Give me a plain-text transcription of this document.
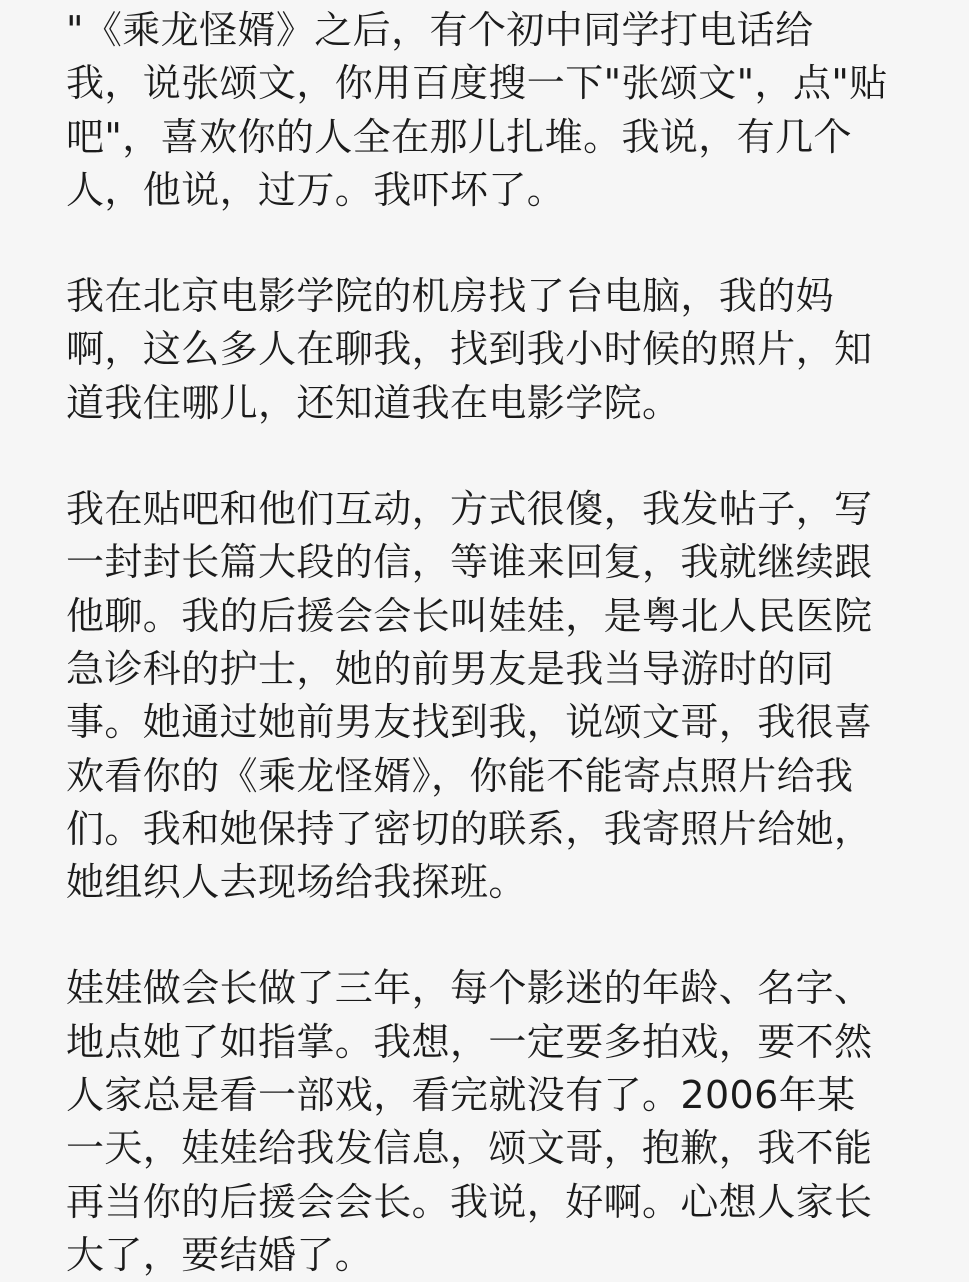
"《乘龙怪婿》之后，有个初中同学打电话给
我，说张颂文，你用百度搜一下"张颂文"，点"贴
吧"，喜欢你的人全在那儿扎堆。我说，有几个
人，他说，过万。我吓坏了。

我在北京电影学院的机房找了台电脑，我的妈
啊，这么多人在聊我，找到我小时候的照片，知
道我住哪儿，还知道我在电影学院。

我在贴吧和他们互动，方式很傻，我发帖子，写
一封封长篇大段的信，等谁来回复，我就继续跟
他聊。我的后援会会长叫娃娃，是粤北人民医院
急诊科的护士，她的前男友是我当导游时的同
事。她通过她前男友找到我，说颂文哥，我很喜
欢看你的《乘龙怪婿》，你能不能寄点照片给我
们。我和她保持了密切的联系，我寄照片给她，
她组织人去现场给我探班。

娃娃做会长做了三年，每个影迷的年龄、名字、
地点她了如指掌。我想，一定要多拍戏，要不然
人家总是看一部戏，看完就没有了。2006年某
一天，娃娃给我发信息，颂文哥，抱歉，我不能
再当你的后援会会长。我说，好啊。心想人家长
大了，要结婚了。
